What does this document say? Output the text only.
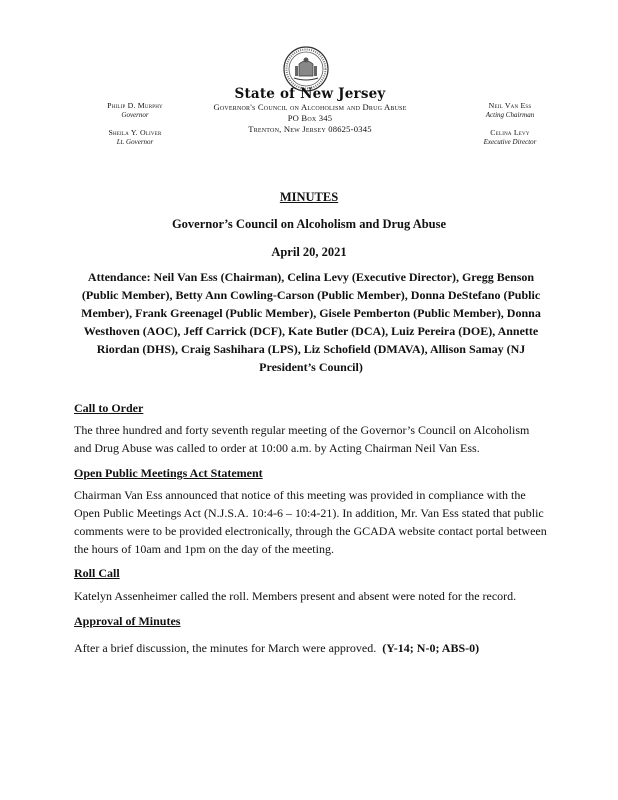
State of New Jersey
Governor's Council on Alcoholism and Drug Abuse
PO Box 345
Trenton, New Jersey 08625-0345
Philip D. Murphy
Governor
Sheila Y. Oliver
Lt. Governor
Neil Van Ess
Acting Chairman
Celina Levy
Executive Director
MINUTES
Governor’s Council on Alcoholism and Drug Abuse
April 20, 2021
Attendance: Neil Van Ess (Chairman), Celina Levy (Executive Director), Gregg Benson (Public Member), Betty Ann Cowling-Carson (Public Member), Donna DeStefano (Public Member), Frank Greenagel (Public Member), Gisele Pemberton (Public Member), Donna Westhoven (AOC), Jeff Carrick (DCF), Kate Butler (DCA), Luiz Pereira (DOE), Annette Riordan (DHS), Craig Sashihara (LPS), Liz Schofield (DMAVA), Allison Samay (NJ President’s Council)
Call to Order
The three hundred and forty seventh regular meeting of the Governor’s Council on Alcoholism and Drug Abuse was called to order at 10:00 a.m. by Acting Chairman Neil Van Ess.
Open Public Meetings Act Statement
Chairman Van Ess announced that notice of this meeting was provided in compliance with the Open Public Meetings Act (N.J.S.A. 10:4-6 – 10:4-21). In addition, Mr. Van Ess stated that public comments were to be provided electronically, through the GCADA website contact portal between the hours of 10am and 1pm on the day of the meeting.
Roll Call
Katelyn Assenheimer called the roll. Members present and absent were noted for the record.
Approval of Minutes
After a brief discussion, the minutes for March were approved. (Y-14; N-0; ABS-0)
